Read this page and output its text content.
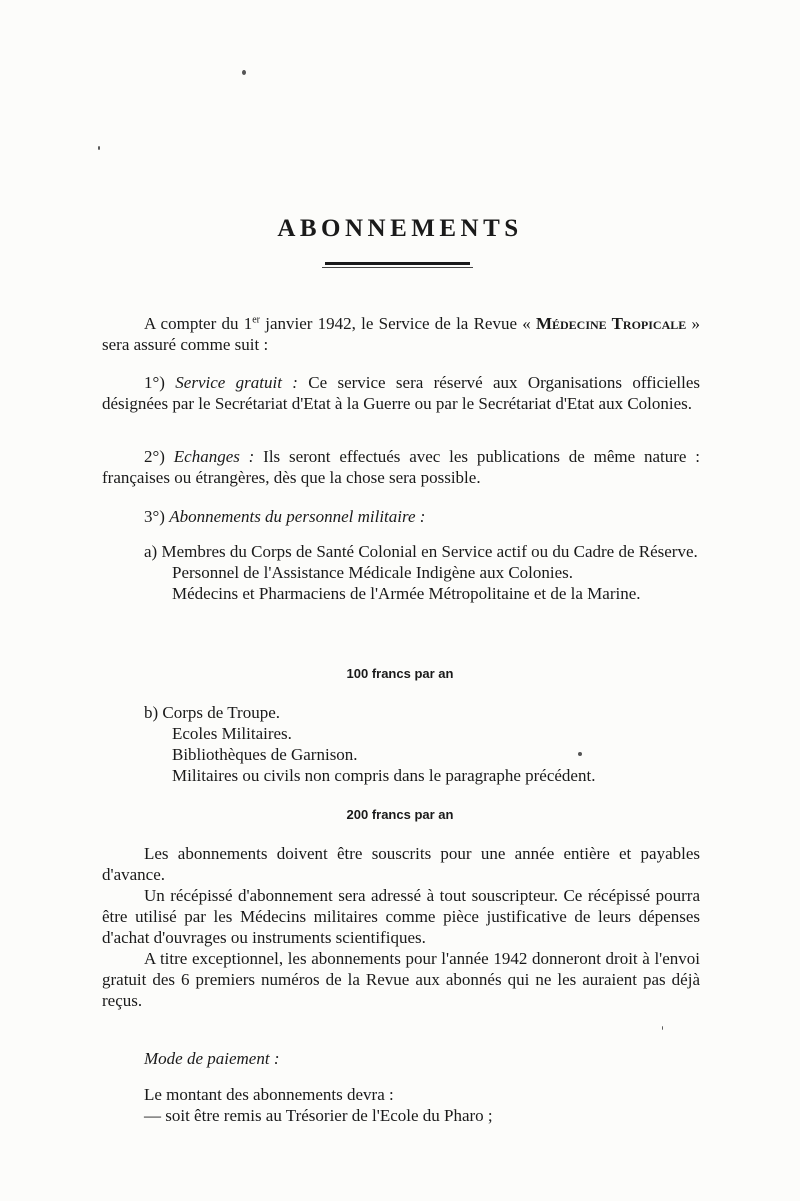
ABONNEMENTS

A compter du 1er janvier 1942, le Service de la Revue « Médecine Tropicale » sera assuré comme suit :

1°) Service gratuit : Ce service sera réservé aux Organisations officielles désignées par le Secrétariat d'Etat à la Guerre ou par le Secrétariat d'Etat aux Colonies.

2°) Echanges : Ils seront effectués avec les publications de même nature : françaises ou étrangères, dès que la chose sera possible.

3°) Abonnements du personnel militaire :

a) Membres du Corps de Santé Colonial en Service actif ou du Cadre de Réserve.

Personnel de l'Assistance Médicale Indigène aux Colonies.

Médecins et Pharmaciens de l'Armée Métropolitaine et de la Marine.

100 francs par an

b) Corps de Troupe.

Ecoles Militaires.

Bibliothèques de Garnison.

Militaires ou civils non compris dans le paragraphe précédent.

200 francs par an

Les abonnements doivent être souscrits pour une année entière et payables d'avance.

Un récépissé d'abonnement sera adressé à tout souscripteur. Ce récépissé pourra être utilisé par les Médecins militaires comme pièce justificative de leurs dépenses d'achat d'ouvrages ou instruments scientifiques.

A titre exceptionnel, les abonnements pour l'année 1942 donneront droit à l'envoi gratuit des 6 premiers numéros de la Revue aux abonnés qui ne les auraient pas déjà reçus.

Mode de paiement :

Le montant des abonnements devra :

— soit être remis au Trésorier de l'Ecole du Pharo ;
